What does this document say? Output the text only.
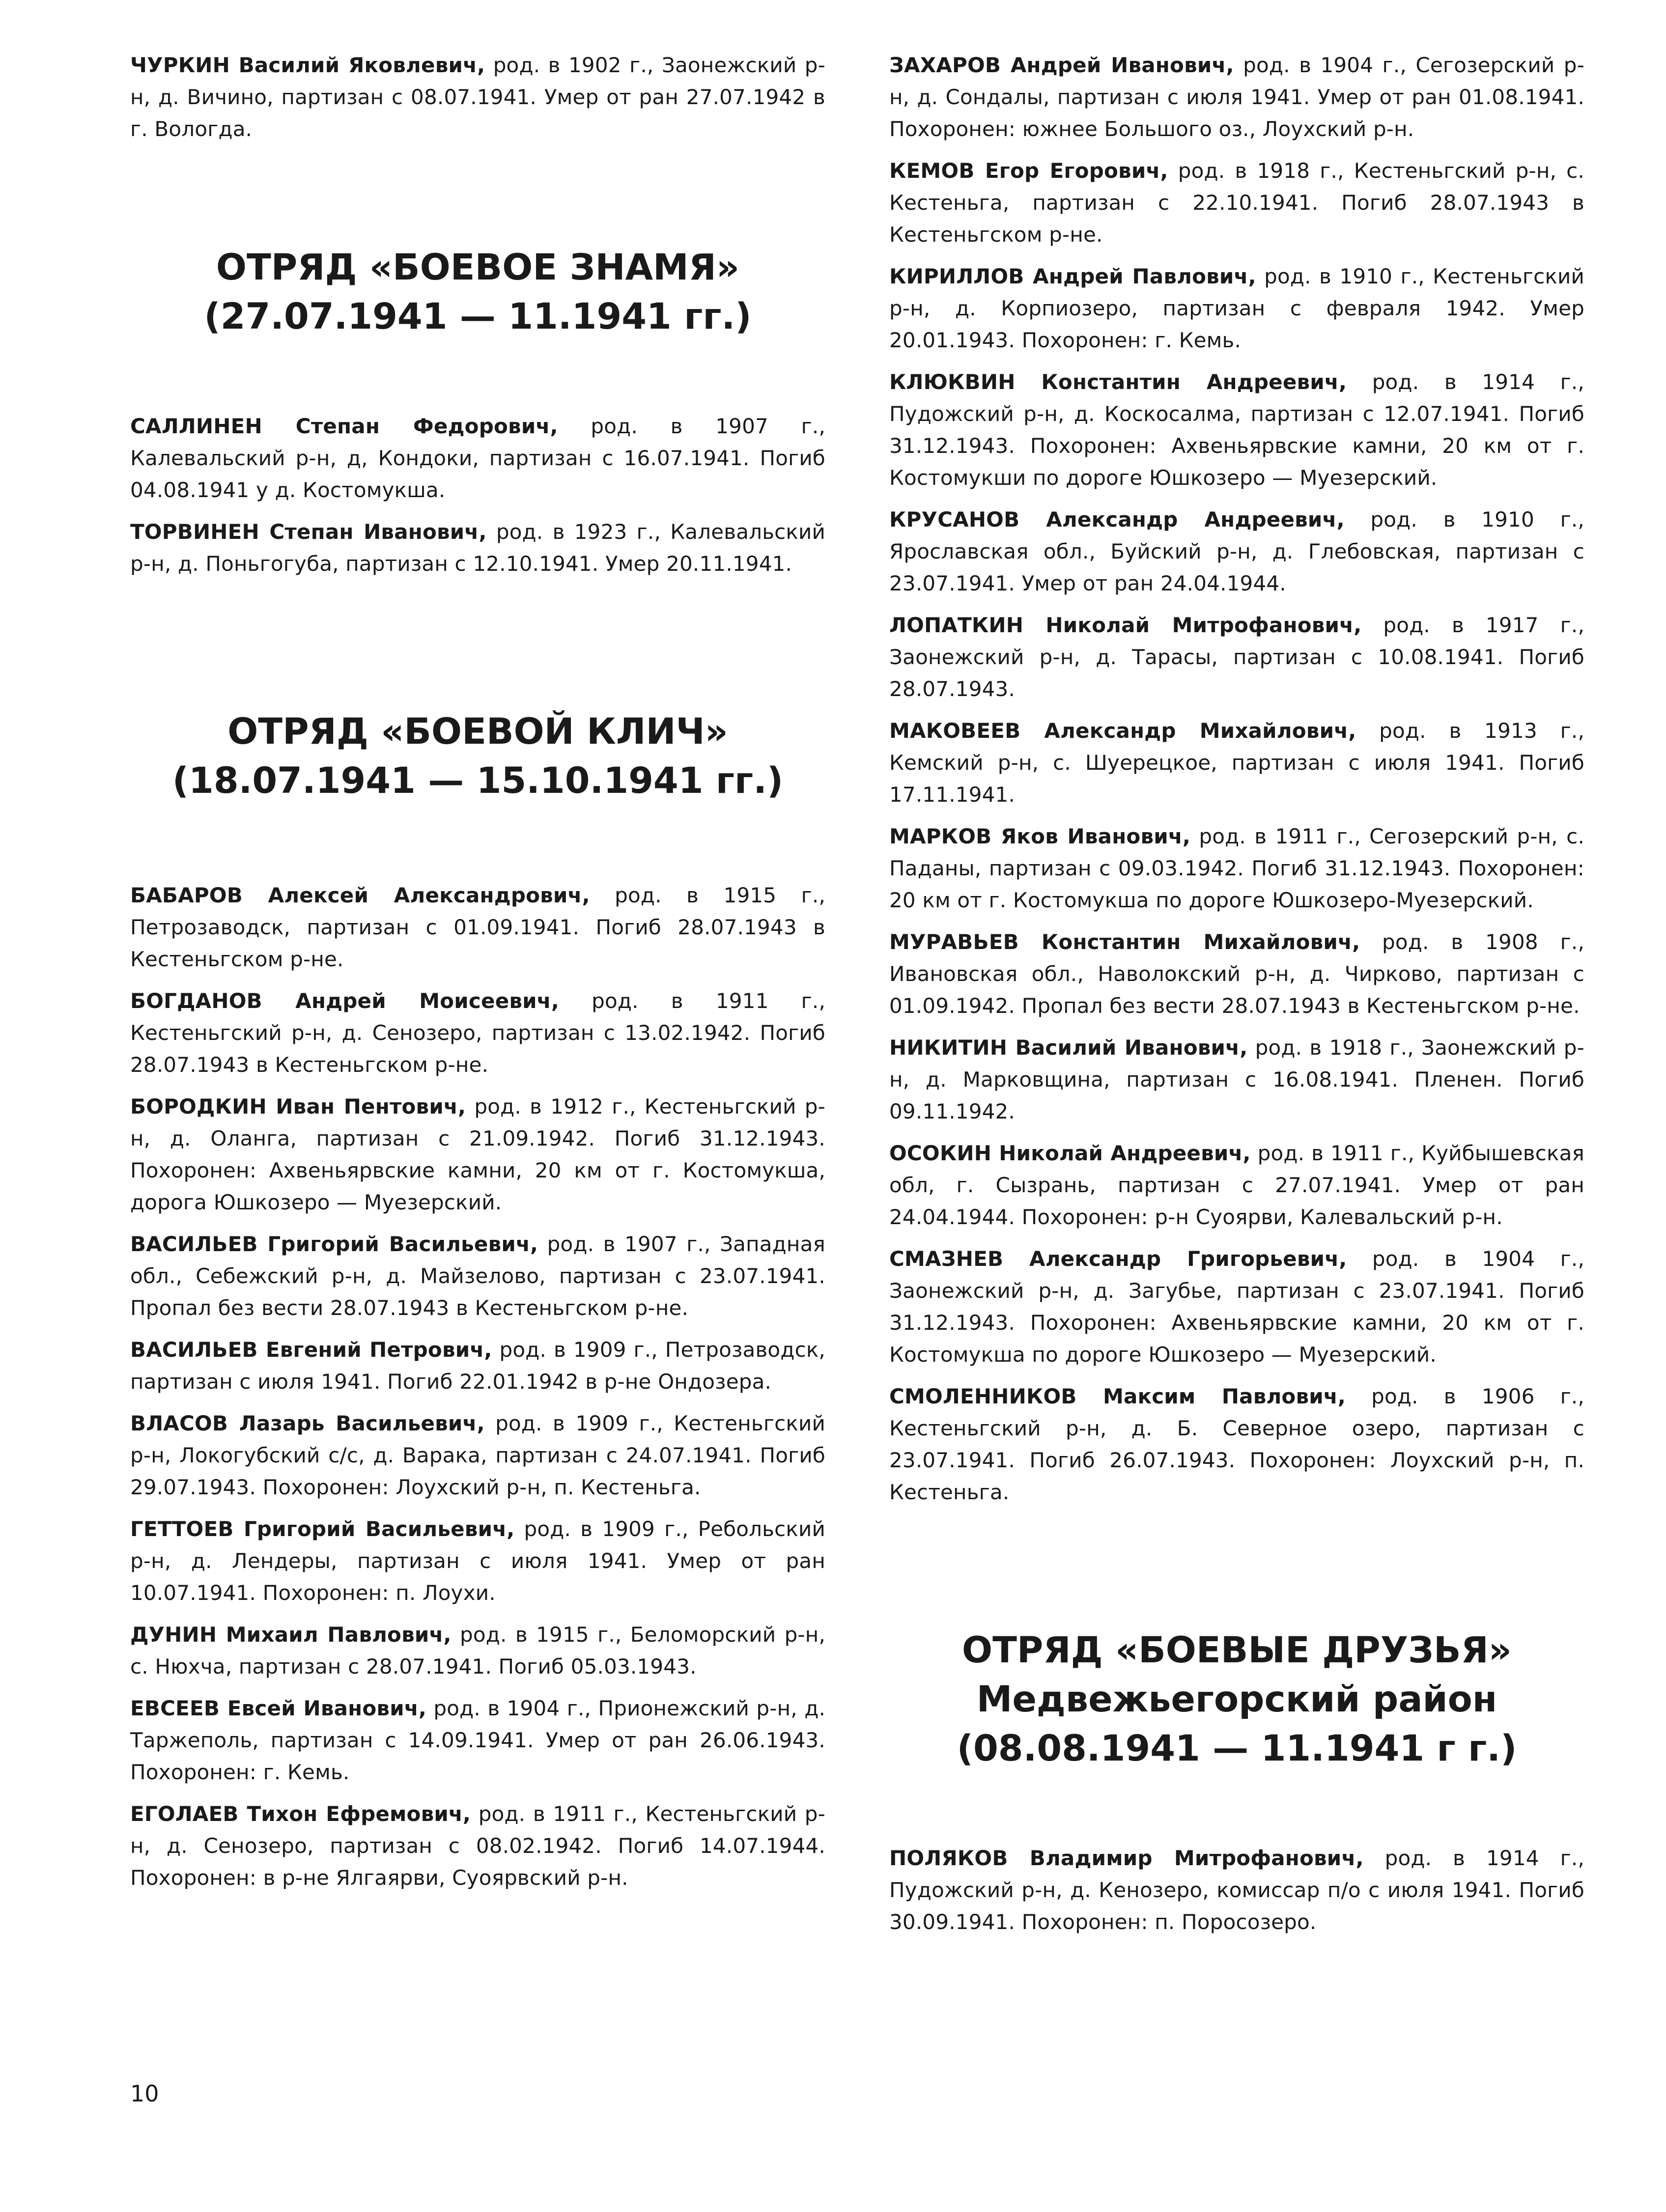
ЧУРКИН Василий Яковлевич, род. в 1902 г., Заонежский р-н, д. Вичино, партизан с 08.07.1941. Умер от ран 27.07.1942 в г. Вологда.

ОТРЯД «БОЕВОЕ ЗНАМЯ»
(27.07.1941 — 11.1941 гг.)

САЛЛИНЕН Степан Федорович, род. в 1907 г., Калевальский р-н, д, Кондоки, партизан с 16.07.1941. Погиб 04.08.1941 у д. Костомукша.

ТОРВИНЕН Степан Иванович, род. в 1923 г., Калевальский р-н, д. Поньгогуба, партизан с 12.10.1941. Умер 20.11.1941.

ОТРЯД «БОЕВОЙ КЛИЧ»
(18.07.1941 — 15.10.1941 гг.)

БАБАРОВ Алексей Александрович, род. в 1915 г., Петрозаводск, партизан с 01.09.1941. Погиб 28.07.1943 в Кестеньгском р-не.

БОГДАНОВ Андрей Моисеевич, род. в 1911 г., Кестеньгский р-н, д. Сенозеро, партизан с 13.02.1942. Погиб 28.07.1943 в Кестеньгском р-не.

БОРОДКИН Иван Пентович, род. в 1912 г., Кестеньгский р-н, д. Оланга, партизан с 21.09.1942. Погиб 31.12.1943. Похоронен: Ахвеньярвские камни, 20 км от г. Костомукша, дорога Юшкозеро — Муезерский.

ВАСИЛЬЕВ Григорий Васильевич, род. в 1907 г., Западная обл., Себежский р-н, д. Майзелово, партизан с 23.07.1941. Пропал без вести 28.07.1943 в Кестеньгском р-не.

ВАСИЛЬЕВ Евгений Петрович, род. в 1909 г., Петрозаводск, партизан с июля 1941. Погиб 22.01.1942 в р-не Ондозера.

ВЛАСОВ Лазарь Васильевич, род. в 1909 г., Кестеньгский р-н, Локогубский с/с, д. Варака, партизан с 24.07.1941. Погиб 29.07.1943. Похоронен: Лоухский р-н, п. Кестеньга.

ГЕТТОЕВ Григорий Васильевич, род. в 1909 г., Ребольский р-н, д. Лендеры, партизан с июля 1941. Умер от ран 10.07.1941. Похоронен: п. Лоухи.

ДУНИН Михаил Павлович, род. в 1915 г., Беломорский р-н, с. Нюхча, партизан с 28.07.1941. Погиб 05.03.1943.

ЕВСЕЕВ Евсей Иванович, род. в 1904 г., Прионежский р-н, д. Таржеполь, партизан с 14.09.1941. Умер от ран 26.06.1943. Похоронен: г. Кемь.

ЕГОЛАЕВ Тихон Ефремович, род. в 1911 г., Кестеньгский р-н, д. Сенозеро, партизан с 08.02.1942. Погиб 14.07.1944. Похоронен: в р-не Ялгаярви, Суоярвский р-н.

ЗАХАРОВ Андрей Иванович, род. в 1904 г., Сегозерский р-н, д. Сондалы, партизан с июля 1941. Умер от ран 01.08.1941. Похоронен: южнее Большого оз., Лоухский р-н.

КЕМОВ Егор Егорович, род. в 1918 г., Кестеньгский р-н, с. Кестеньга, партизан с 22.10.1941. Погиб 28.07.1943 в Кестеньгском р-не.

КИРИЛЛОВ Андрей Павлович, род. в 1910 г., Кестеньгский р-н, д. Корпиозеро, партизан с февраля 1942. Умер 20.01.1943. Похоронен: г. Кемь.

КЛЮКВИН Константин Андреевич, род. в 1914 г., Пудожский р-н, д. Коскосалма, партизан с 12.07.1941. Погиб 31.12.1943. Похоронен: Ахвеньярвские камни, 20 км от г. Костомукши по дороге Юшкозеро — Муезерский.

КРУСАНОВ Александр Андреевич, род. в 1910 г., Ярославская обл., Буйский р-н, д. Глебовская, партизан с 23.07.1941. Умер от ран 24.04.1944.

ЛОПАТКИН Николай Митрофанович, род. в 1917 г., Заонежский р-н, д. Тарасы, партизан с 10.08.1941. Погиб 28.07.1943.

МАКОВЕЕВ Александр Михайлович, род. в 1913 г., Кемский р-н, с. Шуерецкое, партизан с июля 1941. Погиб 17.11.1941.

МАРКОВ Яков Иванович, род. в 1911 г., Сегозерский р-н, с. Паданы, партизан с 09.03.1942. Погиб 31.12.1943. Похоронен: 20 км от г. Костомукша по дороге Юшкозеро-Муезерский.

МУРАВЬЕВ Константин Михайлович, род. в 1908 г., Ивановская обл., Наволокский р-н, д. Чирково, партизан с 01.09.1942. Пропал без вести 28.07.1943 в Кестеньгском р-не.

НИКИТИН Василий Иванович, род. в 1918 г., Заонежский р-н, д. Марковщина, партизан с 16.08.1941. Пленен. Погиб 09.11.1942.

ОСОКИН Николай Андреевич, род. в 1911 г., Куйбышевская обл, г. Сызрань, партизан с 27.07.1941. Умер от ран 24.04.1944. Похоронен: р-н Суоярви, Калевальский р-н.

СМАЗНЕВ Александр Григорьевич, род. в 1904 г., Заонежский р-н, д. Загубье, партизан с 23.07.1941. Погиб 31.12.1943. Похоронен: Ахвеньярвские камни, 20 км от г. Костомукша по дороге Юшкозеро — Муезерский.

СМОЛЕННИКОВ Максим Павлович, род. в 1906 г., Кестеньгский р-н, д. Б. Северное озеро, партизан с 23.07.1941. Погиб 26.07.1943. Похоронен: Лоухский р-н, п. Кестеньга.

ОТРЯД «БОЕВЫЕ ДРУЗЬЯ»
Медвежьегорский район
(08.08.1941 — 11.1941 г г.)

ПОЛЯКОВ Владимир Митрофанович, род. в 1914 г., Пудожский р-н, д. Кенозеро, комиссар п/о с июля 1941. Погиб 30.09.1941. Похоронен: п. Поросозеро.

10
